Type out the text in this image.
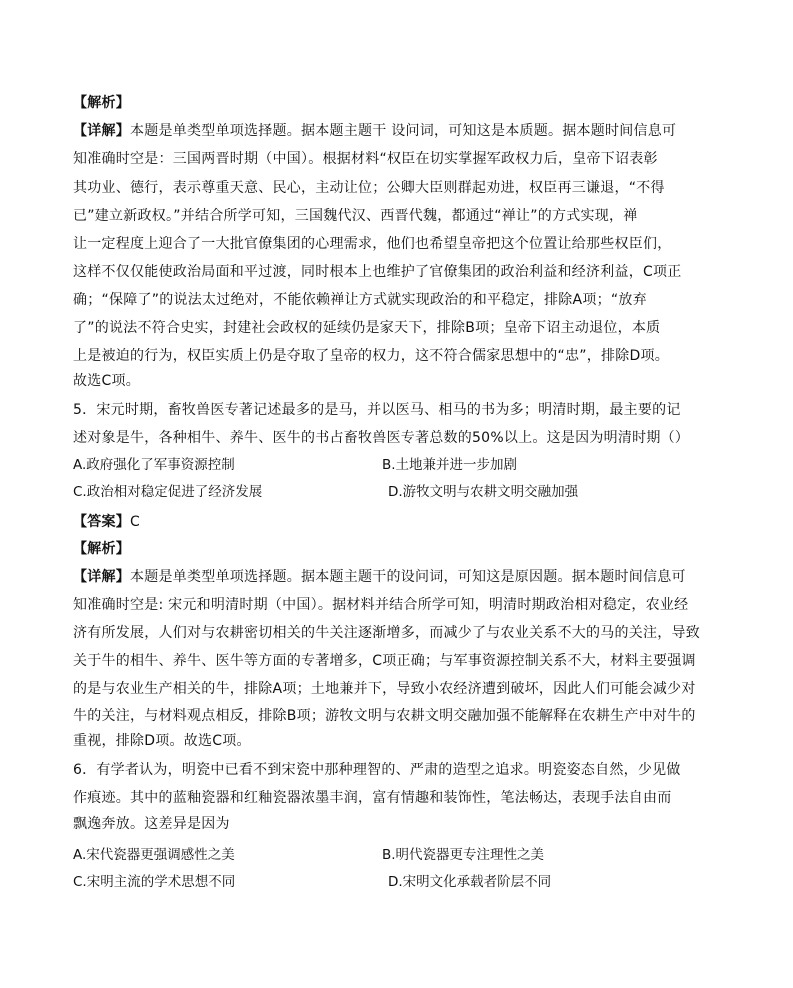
【解析】
【详解】本题是单类型单项选择题。据本题主题干 设问词，可知这是本质题。据本题时间信息可
知准确时空是：三国两晋时期（中国）。根据材料“权臣在切实掌握军政权力后，皇帝下诏表彰
其功业、德行，表示尊重天意、民心，主动让位；公卿大臣则群起劝进，权臣再三谦退，“不得
已”建立新政权。”并结合所学可知，三国魏代汉、西晋代魏，都通过“禅让”的方式实现，禅
让一定程度上迎合了一大批官僚集团的心理需求，他们也希望皇帝把这个位置让给那些权臣们，
这样不仅仅能使政治局面和平过渡，同时根本上也维护了官僚集团的政治利益和经济利益，C项正
确；“保障了”的说法太过绝对，不能依赖禅让方式就实现政治的和平稳定，排除A项；“放弃
了”的说法不符合史实，封建社会政权的延续仍是家天下，排除B项；皇帝下诏主动退位，本质
上是被迫的行为，权臣实质上仍是夺取了皇帝的权力，这不符合儒家思想中的“忠”，排除D项。
故选C项。
5．宋元时期，畜牧兽医专著记述最多的是马，并以医马、相马的书为多；明清时期，最主要的记
述对象是牛，各种相牛、养牛、医牛的书占畜牧兽医专著总数的50%以上。这是因为明清时期（）
A.政府强化了军事资源控制	B.土地兼并进一步加剧
C.政治相对稳定促进了经济发展	D.游牧文明与农耕文明交融加强
【答案】C
【解析】
【详解】本题是单类型单项选择题。据本题主题干的设问词，可知这是原因题。据本题时间信息可
知准确时空是: 宋元和明清时期（中国）。据材料并结合所学可知，明清时期政治相对稳定，农业经
济有所发展，人们对与农耕密切相关的牛关注逐渐增多，而减少了与农业关系不大的马的关注，导致
关于牛的相牛、养牛、医牛等方面的专著增多，C项正确；与军事资源控制关系不大，材料主要强调
的是与农业生产相关的牛，排除A项；土地兼并下，导致小农经济遭到破坏，因此人们可能会减少对
牛的关注，与材料观点相反，排除B项；游牧文明与农耕文明交融加强不能解释在农耕生产中对牛的
重视，排除D项。故选C项。
6．有学者认为，明瓷中已看不到宋瓷中那种理智的、严肃的造型之追求。明瓷姿态自然，少见做
作痕迹。其中的蓝釉瓷器和红釉瓷器浓墨丰润，富有情趣和装饰性，笔法畅达，表现手法自由而
飘逸奔放。这差异是因为
A.宋代瓷器更强调感性之美	B.明代瓷器更专注理性之美
C.宋明主流的学术思想不同	D.宋明文化承载者阶层不同
